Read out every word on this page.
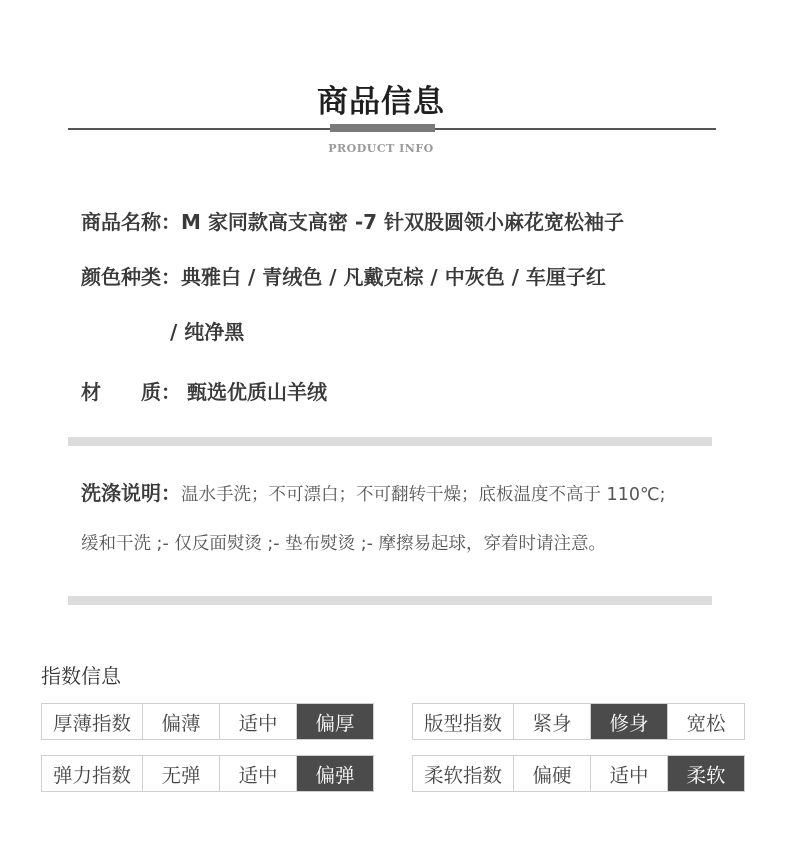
商品信息
PRODUCT INFO
商品名称：M 家同款高支高密 -7 针双股圆领小麻花宽松袖子
颜色种类：典雅白 / 青绒色 / 凡戴克棕 / 中灰色 / 车厘子红
/ 纯净黑
材　　质： 甄选优质山羊绒
洗涤说明：温水手洗；不可漂白；不可翻转干燥；底板温度不高于 110℃;
缓和干洗 ;- 仅反面熨烫 ;- 垫布熨烫 ;- 摩擦易起球，穿着时请注意。
指数信息
厚薄指数	偏薄	适中	偏厚	版型指数	紧身	修身	宽松
弹力指数	无弹	适中	偏弹	柔软指数	偏硬	适中	柔软
